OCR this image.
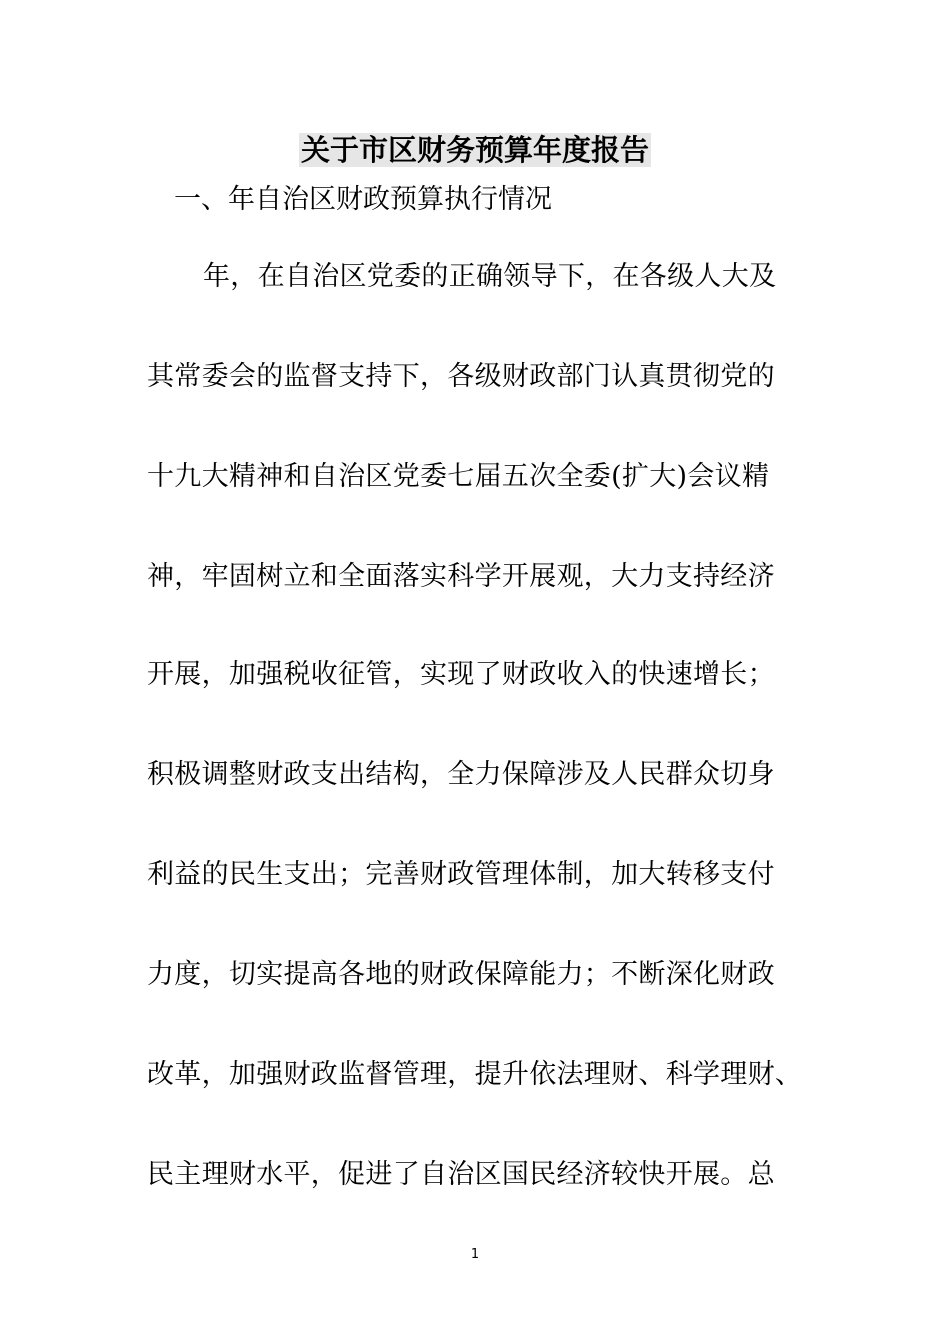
关于市区财务预算年度报告
一、年自治区财政预算执行情况
年，在自治区党委的正确领导下，在各级人大及
其常委会的监督支持下，各级财政部门认真贯彻党的
十九大精神和自治区党委七届五次全委(扩大)会议精
神，牢固树立和全面落实科学开展观，大力支持经济
开展，加强税收征管，实现了财政收入的快速增长；
积极调整财政支出结构，全力保障涉及人民群众切身
利益的民生支出；完善财政管理体制，加大转移支付
力度，切实提高各地的财政保障能力；不断深化财政
改革，加强财政监督管理，提升依法理财、科学理财、
民主理财水平，促进了自治区国民经济较快开展。总
1
